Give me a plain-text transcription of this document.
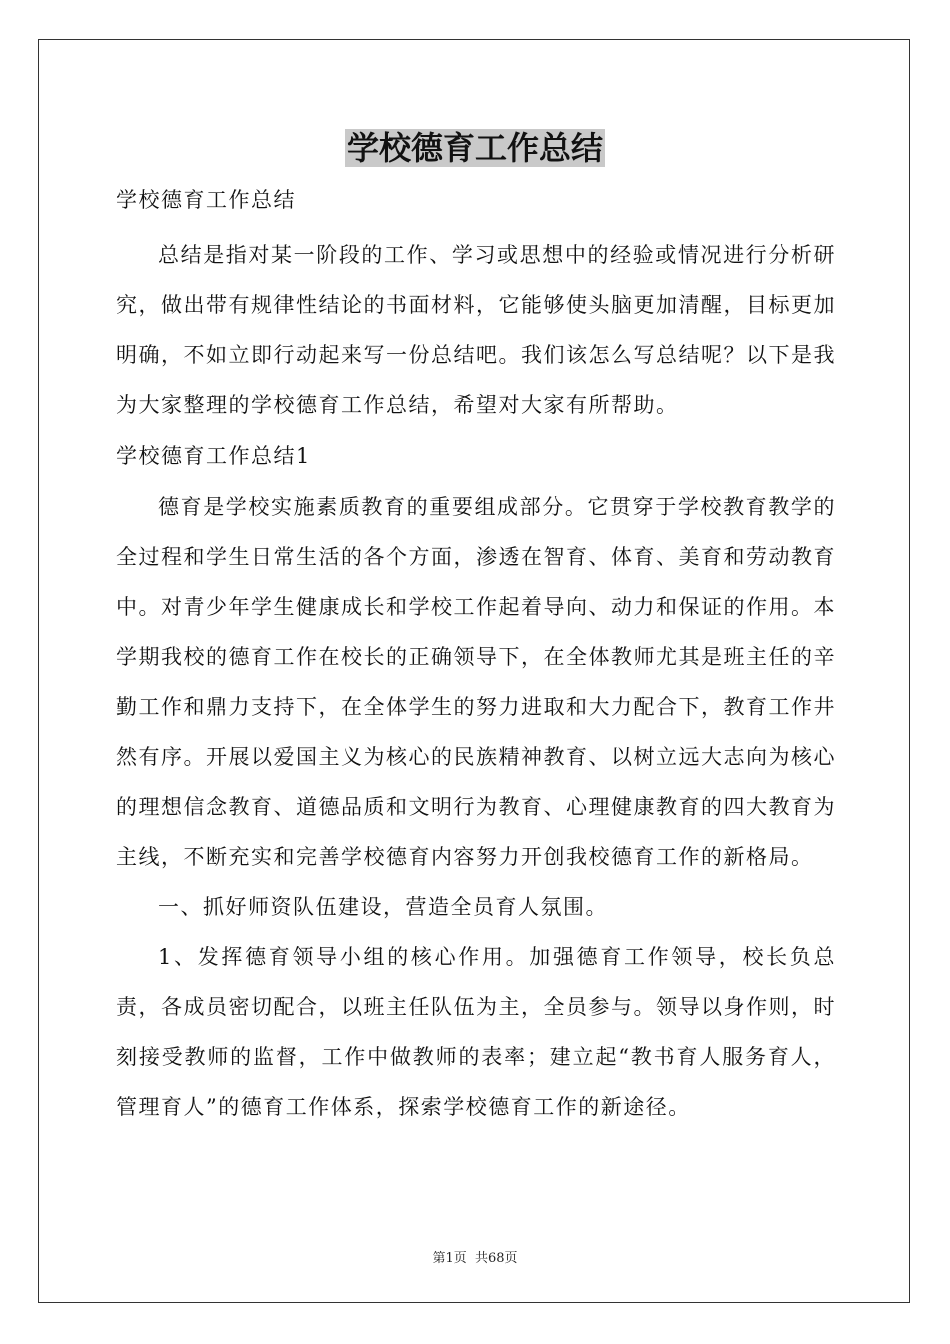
学校德育工作总结

学校德育工作总结

总结是指对某一阶段的工作、学习或思想中的经验或情况进行分析研究，做出带有规律性结论的书面材料，它能够使头脑更加清醒，目标更加明确，不如立即行动起来写一份总结吧。我们该怎么写总结呢？以下是我为大家整理的学校德育工作总结，希望对大家有所帮助。

学校德育工作总结1

德育是学校实施素质教育的重要组成部分。它贯穿于学校教育教学的全过程和学生日常生活的各个方面，渗透在智育、体育、美育和劳动教育中。对青少年学生健康成长和学校工作起着导向、动力和保证的作用。本学期我校的德育工作在校长的正确领导下，在全体教师尤其是班主任的辛勤工作和鼎力支持下，在全体学生的努力进取和大力配合下，教育工作井然有序。开展以爱国主义为核心的民族精神教育、以树立远大志向为核心的理想信念教育、道德品质和文明行为教育、心理健康教育的四大教育为主线，不断充实和完善学校德育内容努力开创我校德育工作的新格局。

一、抓好师资队伍建设，营造全员育人氛围。

1、发挥德育领导小组的核心作用。加强德育工作领导，校长负总责，各成员密切配合，以班主任队伍为主，全员参与。领导以身作则，时刻接受教师的监督，工作中做教师的表率；建立起“教书育人服务育人，管理育人”的德育工作体系，探索学校德育工作的新途径。

第1页 共68页
